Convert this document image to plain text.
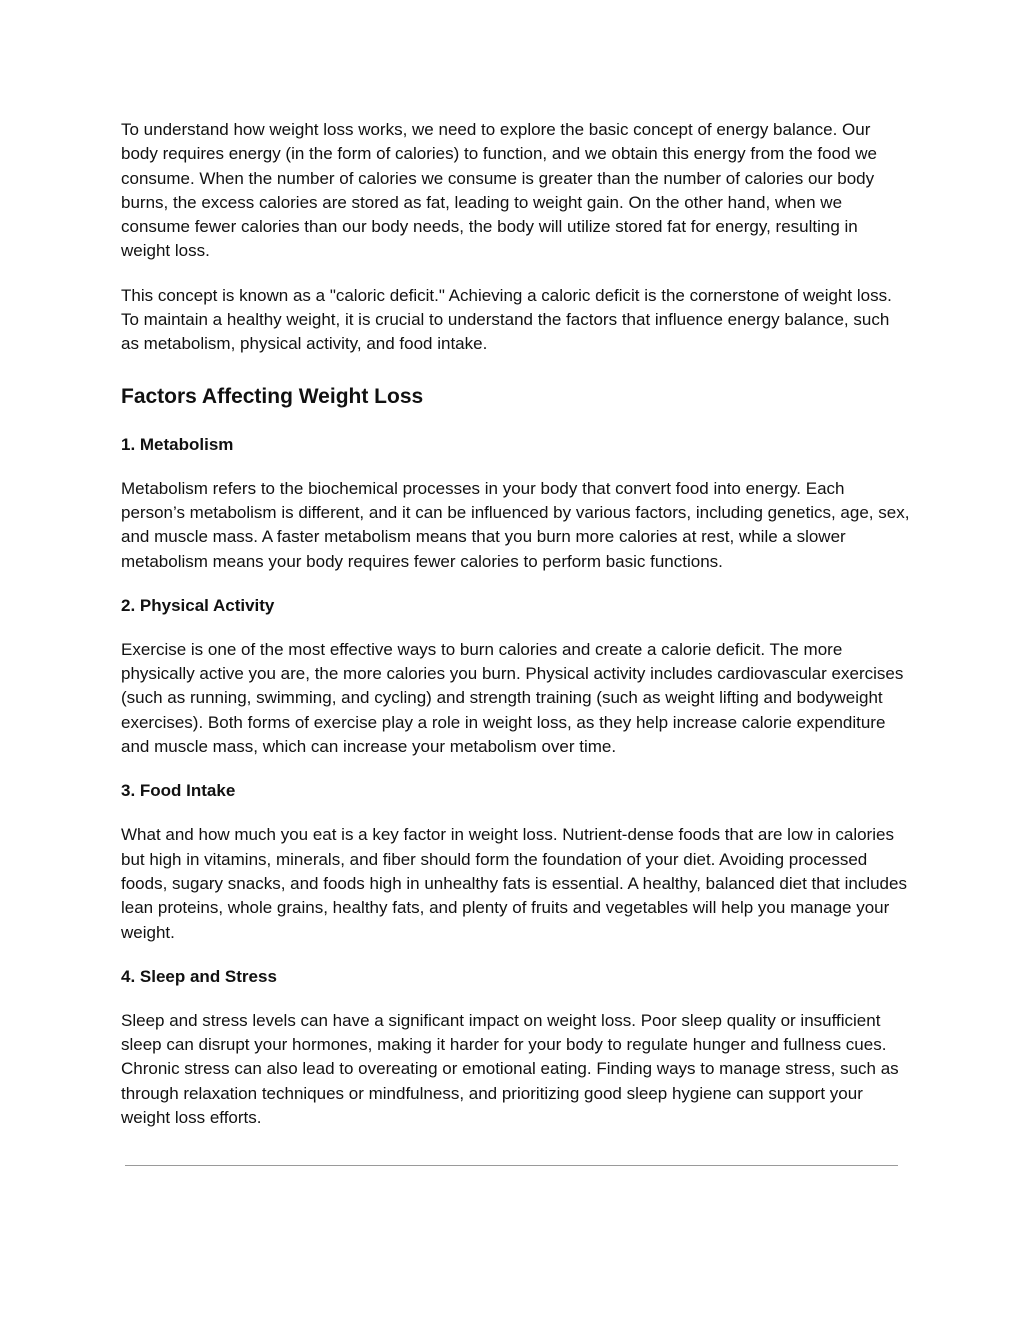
To understand how weight loss works, we need to explore the basic concept of energy balance. Our body requires energy (in the form of calories) to function, and we obtain this energy from the food we consume. When the number of calories we consume is greater than the number of calories our body burns, the excess calories are stored as fat, leading to weight gain. On the other hand, when we consume fewer calories than our body needs, the body will utilize stored fat for energy, resulting in weight loss.

This concept is known as a "caloric deficit." Achieving a caloric deficit is the cornerstone of weight loss. To maintain a healthy weight, it is crucial to understand the factors that influence energy balance, such as metabolism, physical activity, and food intake.

Factors Affecting Weight Loss
1. Metabolism

Metabolism refers to the biochemical processes in your body that convert food into energy. Each person’s metabolism is different, and it can be influenced by various factors, including genetics, age, sex, and muscle mass. A faster metabolism means that you burn more calories at rest, while a slower metabolism means your body requires fewer calories to perform basic functions.

2. Physical Activity

Exercise is one of the most effective ways to burn calories and create a calorie deficit. The more physically active you are, the more calories you burn. Physical activity includes cardiovascular exercises (such as running, swimming, and cycling) and strength training (such as weight lifting and bodyweight exercises). Both forms of exercise play a role in weight loss, as they help increase calorie expenditure and muscle mass, which can increase your metabolism over time.

3. Food Intake

What and how much you eat is a key factor in weight loss. Nutrient-dense foods that are low in calories but high in vitamins, minerals, and fiber should form the foundation of your diet. Avoiding processed foods, sugary snacks, and foods high in unhealthy fats is essential. A healthy, balanced diet that includes lean proteins, whole grains, healthy fats, and plenty of fruits and vegetables will help you manage your weight.

4. Sleep and Stress

Sleep and stress levels can have a significant impact on weight loss. Poor sleep quality or insufficient sleep can disrupt your hormones, making it harder for your body to regulate hunger and fullness cues. Chronic stress can also lead to overeating or emotional eating. Finding ways to manage stress, such as through relaxation techniques or mindfulness, and prioritizing good sleep hygiene can support your weight loss efforts.
